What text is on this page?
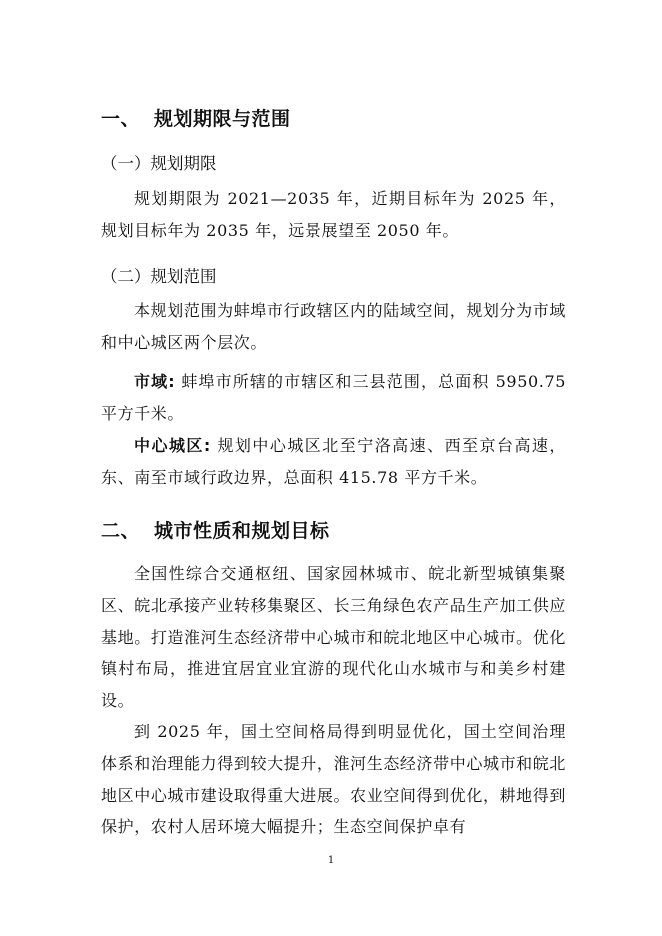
一、 规划期限与范围
（一）规划期限
规划期限为 2021—2035 年，近期目标年为 2025 年，规划目标年为 2035 年，远景展望至 2050 年。
（二）规划范围
本规划范围为蚌埠市行政辖区内的陆域空间，规划分为市域和中心城区两个层次。
市域: 蚌埠市所辖的市辖区和三县范围，总面积 5950.75 平方千米。
中心城区: 规划中心城区北至宁洛高速、西至京台高速，东、南至市域行政边界，总面积 415.78 平方千米。
二、 城市性质和规划目标
全国性综合交通枢纽、国家园林城市、皖北新型城镇集聚区、皖北承接产业转移集聚区、长三角绿色农产品生产加工供应基地。打造淮河生态经济带中心城市和皖北地区中心城市。优化镇村布局，推进宜居宜业宜游的现代化山水城市与和美乡村建设。
到 2025 年，国土空间格局得到明显优化，国土空间治理体系和治理能力得到较大提升，淮河生态经济带中心城市和皖北地区中心城市建设取得重大进展。农业空间得到优化，耕地得到保护，农村人居环境大幅提升；生态空间保护卓有
1
